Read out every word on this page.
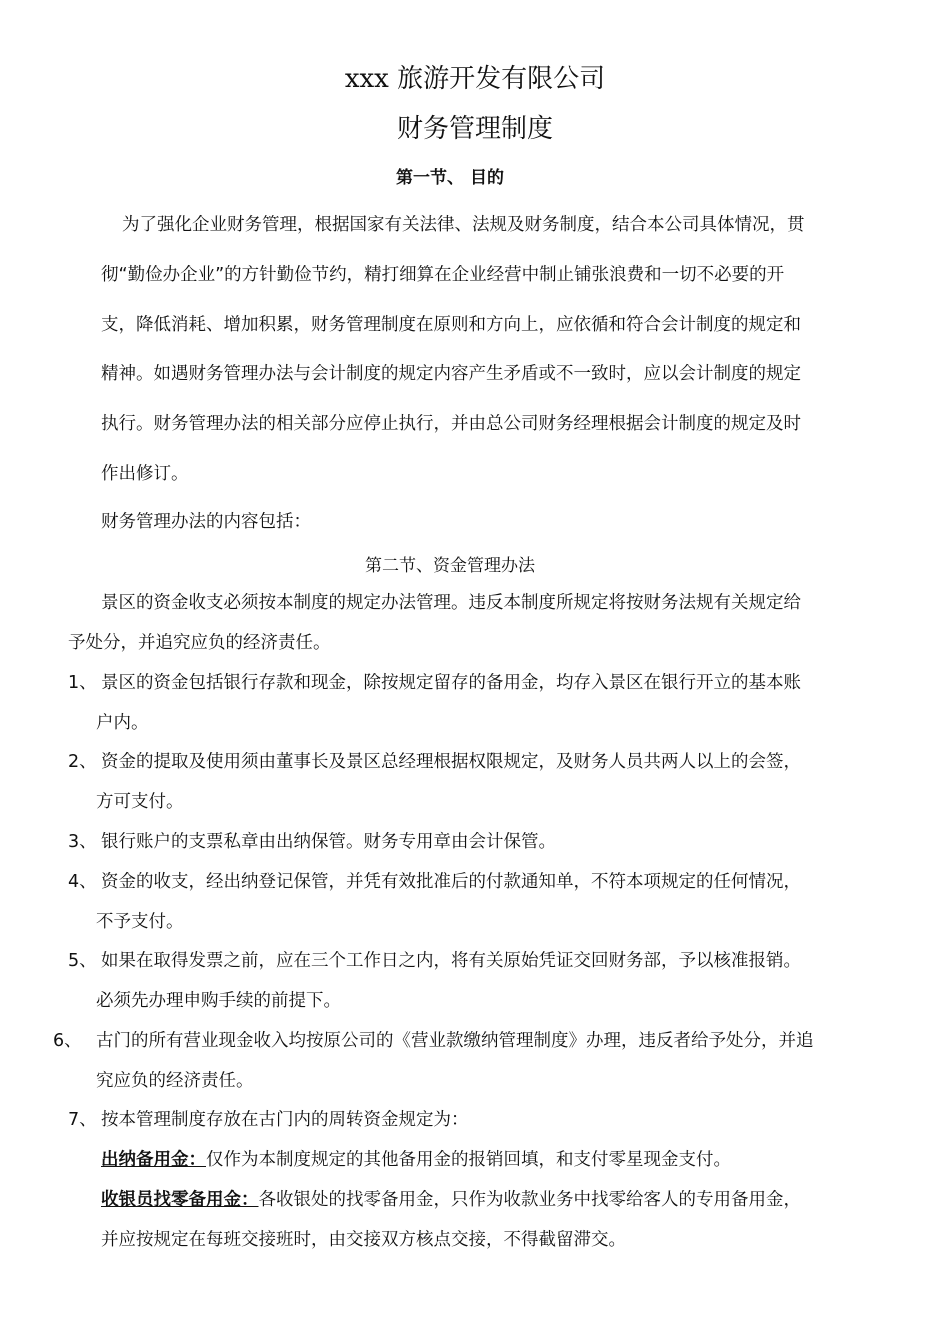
xxx 旅游开发有限公司
财务管理制度
第一节、 目的
为了强化企业财务管理，根据国家有关法律、法规及财务制度，结合本公司具体情况，贯
彻“勤俭办企业”的方针勤俭节约，精打细算在企业经营中制止铺张浪费和一切不必要的开
支，降低消耗、增加积累，财务管理制度在原则和方向上，应依循和符合会计制度的规定和
精神。如遇财务管理办法与会计制度的规定内容产生矛盾或不一致时，应以会计制度的规定
执行。财务管理办法的相关部分应停止执行，并由总公司财务经理根据会计制度的规定及时
作出修订。
财务管理办法的内容包括：
第二节、资金管理办法
景区的资金收支必须按本制度的规定办法管理。违反本制度所规定将按财务法规有关规定给
予处分，并追究应负的经济责任。
1、 景区的资金包括银行存款和现金，除按规定留存的备用金，均存入景区在银行开立的基本账
户内。
2、 资金的提取及使用须由董事长及景区总经理根据权限规定，及财务人员共两人以上的会签，
方可支付。
3、 银行账户的支票私章由出纳保管。财务专用章由会计保管。
4、 资金的收支，经出纳登记保管，并凭有效批准后的付款通知单，不符本项规定的任何情况，
不予支付。
5、 如果在取得发票之前，应在三个工作日之内，将有关原始凭证交回财务部，予以核准报销。
必须先办理申购手续的前提下。
6、 古门的所有营业现金收入均按原公司的《营业款缴纳管理制度》办理，违反者给予处分，并追
究应负的经济责任。
7、 按本管理制度存放在古门内的周转资金规定为：
出纳备用金：仅作为本制度规定的其他备用金的报销回填，和支付零星现金支付。
收银员找零备用金：各收银处的找零备用金，只作为收款业务中找零给客人的专用备用金，
并应按规定在每班交接班时，由交接双方核点交接，不得截留滞交。
